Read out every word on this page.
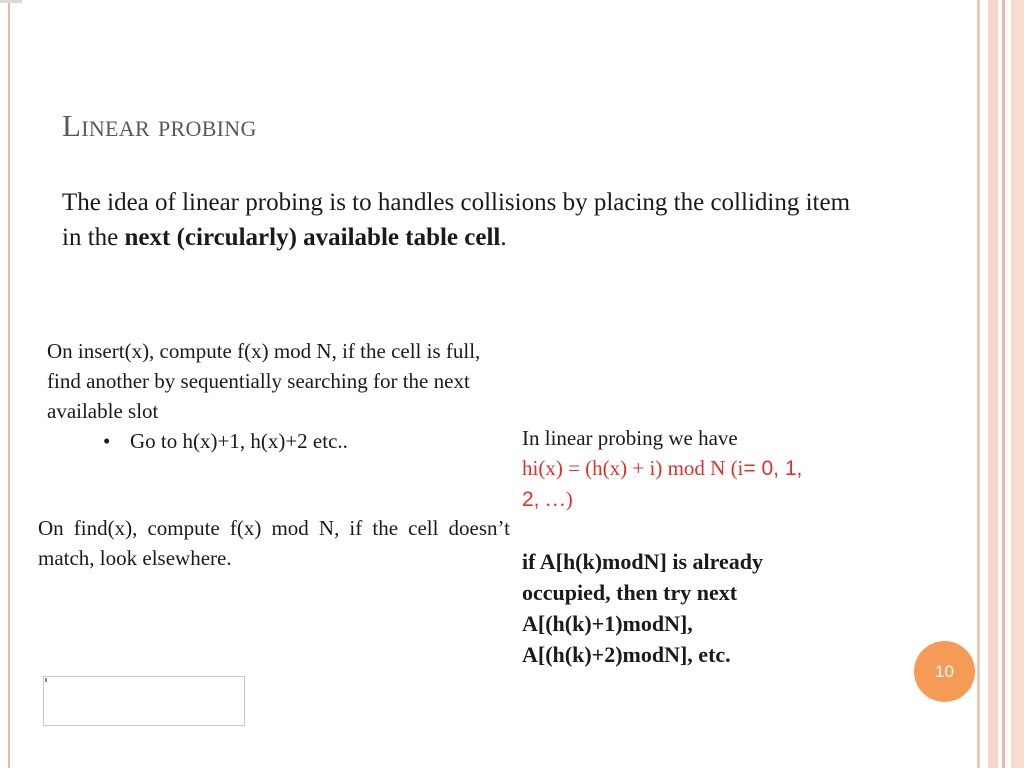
Linear probing

The idea of linear probing is to handles collisions by placing the colliding item in the next (circularly) available table cell.

On insert(x), compute f(x) mod N, if the cell is full, find another by sequentially searching for the next available slot

• Go to h(x)+1, h(x)+2 etc..

On find(x), compute f(x) mod N, if the cell doesn’t match, look elsewhere.

In linear probing we have

hi(x) = (h(x) + i) mod N (i= 0, 1,
2, …)

if A[h(k)modN] is already
occupied, then try next
A[(h(k)+1)modN],
A[(h(k)+2)modN], etc.

10
